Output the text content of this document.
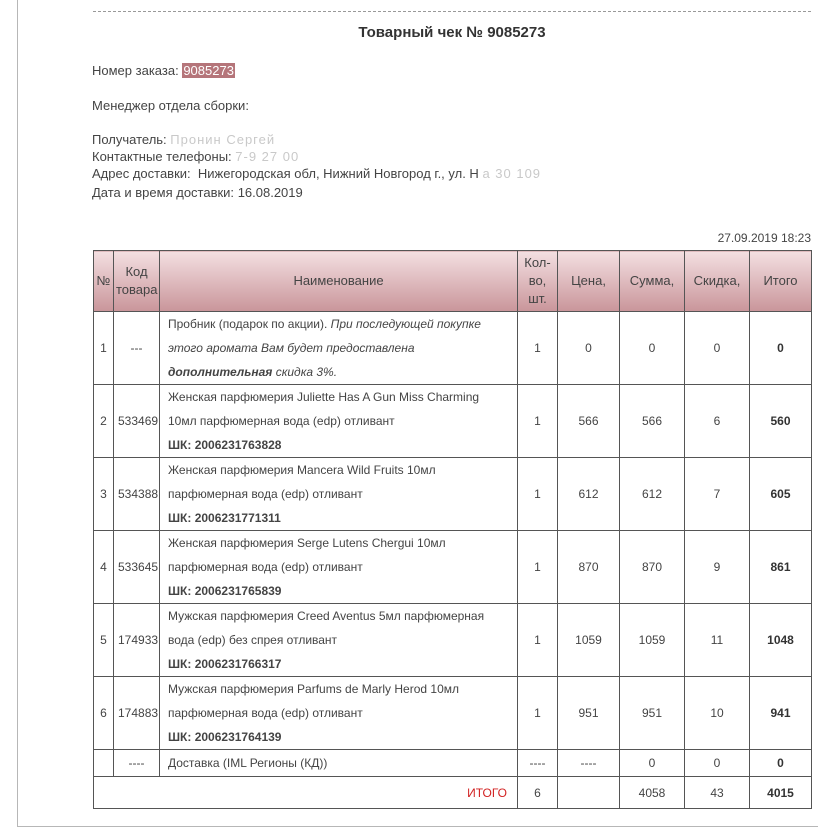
Товарный чек № 9085273
Номер заказа: 9085273
Менеджер отдела сборки:
Получатель: Пронин Сергей
Контактные телефоны: 7-9 27 00
Адрес доставки: Нижегородская обл, Нижний Новгород г., ул. Н а 30 109
Дата и время доставки: 16.08.2019
27.09.2019 18:23
№	Код товара	Наименование	Кол-во, шт.	Цена,	Сумма,	Скидка,	Итого
1	---	Пробник (подарок по акции). При последующей покупке этого аромата Вам будет предоставлена дополнительная скидка 3%.	1	0	0	0	0
2	533469	Женская парфюмерия Juliette Has A Gun Miss Charming 10мл парфюмерная вода (edp) отливант
ШК: 2006231763828	1	566	566	6	560
3	534388	Женская парфюмерия Mancera Wild Fruits 10мл парфюмерная вода (edp) отливант
ШК: 2006231771311	1	612	612	7	605
4	533645	Женская парфюмерия Serge Lutens Chergui 10мл парфюмерная вода (edp) отливант
ШК: 2006231765839	1	870	870	9	861
5	174933	Мужская парфюмерия Creed Aventus 5мл парфюмерная вода (edp) без спрея отливант
ШК: 2006231766317	1	1059	1059	11	1048
6	174883	Мужская парфюмерия Parfums de Marly Herod 10мл парфюмерная вода (edp) отливант
ШК: 2006231764139	1	951	951	10	941
	----	Доставка (IML Регионы (КД))	----	----	0	0	0
		ИТОГО	6		4058	43	4015
